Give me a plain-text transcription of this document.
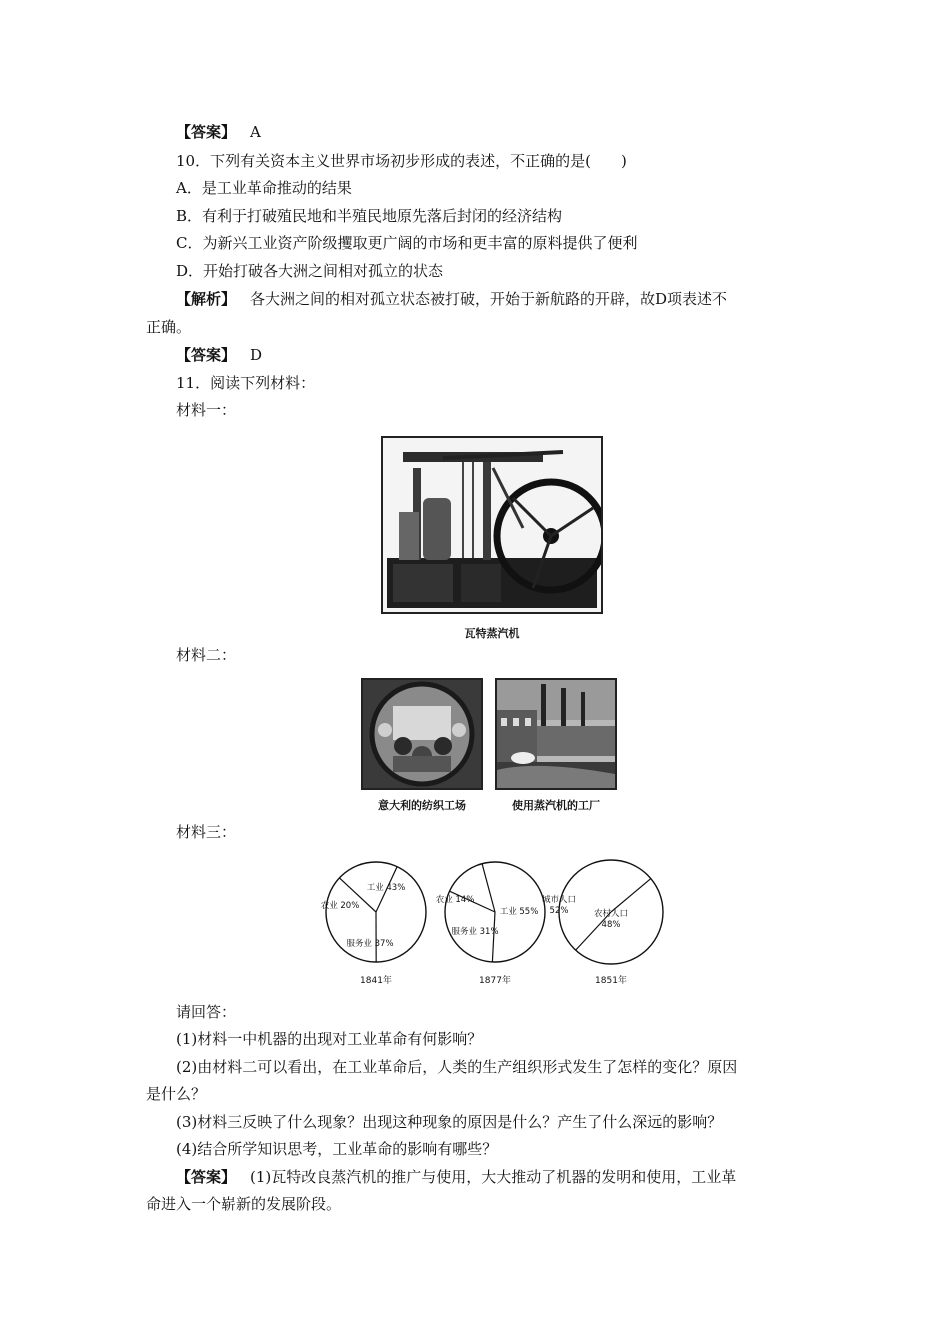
【答案】 A
10．下列有关资本主义世界市场初步形成的表述，不正确的是(　　)
A．是工业革命推动的结果
B．有利于打破殖民地和半殖民地原先落后封闭的经济结构
C．为新兴工业资产阶级攫取更广阔的市场和更丰富的原料提供了便利
D．开始打破各大洲之间相对孤立的状态
【解析】 各大洲之间的相对孤立状态被打破，开始于新航路的开辟，故D项表述不
正确。
【答案】 D
11．阅读下列材料：
材料一：
瓦特蒸汽机
材料二：
意大利的纺织工场	使用蒸汽机的工厂
材料三：
工业 43%
服务业 37%
农业 20%
1841年
工业 55%
服务业 31%
农业 14%
1877年
农村人口 48%
城市人口 52%
1851年
请回答：
(1)材料一中机器的出现对工业革命有何影响？
(2)由材料二可以看出，在工业革命后，人类的生产组织形式发生了怎样的变化？原因
是什么？
(3)材料三反映了什么现象？出现这种现象的原因是什么？产生了什么深远的影响？
(4)结合所学知识思考，工业革命的影响有哪些？
【答案】 (1)瓦特改良蒸汽机的推广与使用，大大推动了机器的发明和使用，工业革
命进入一个崭新的发展阶段。
